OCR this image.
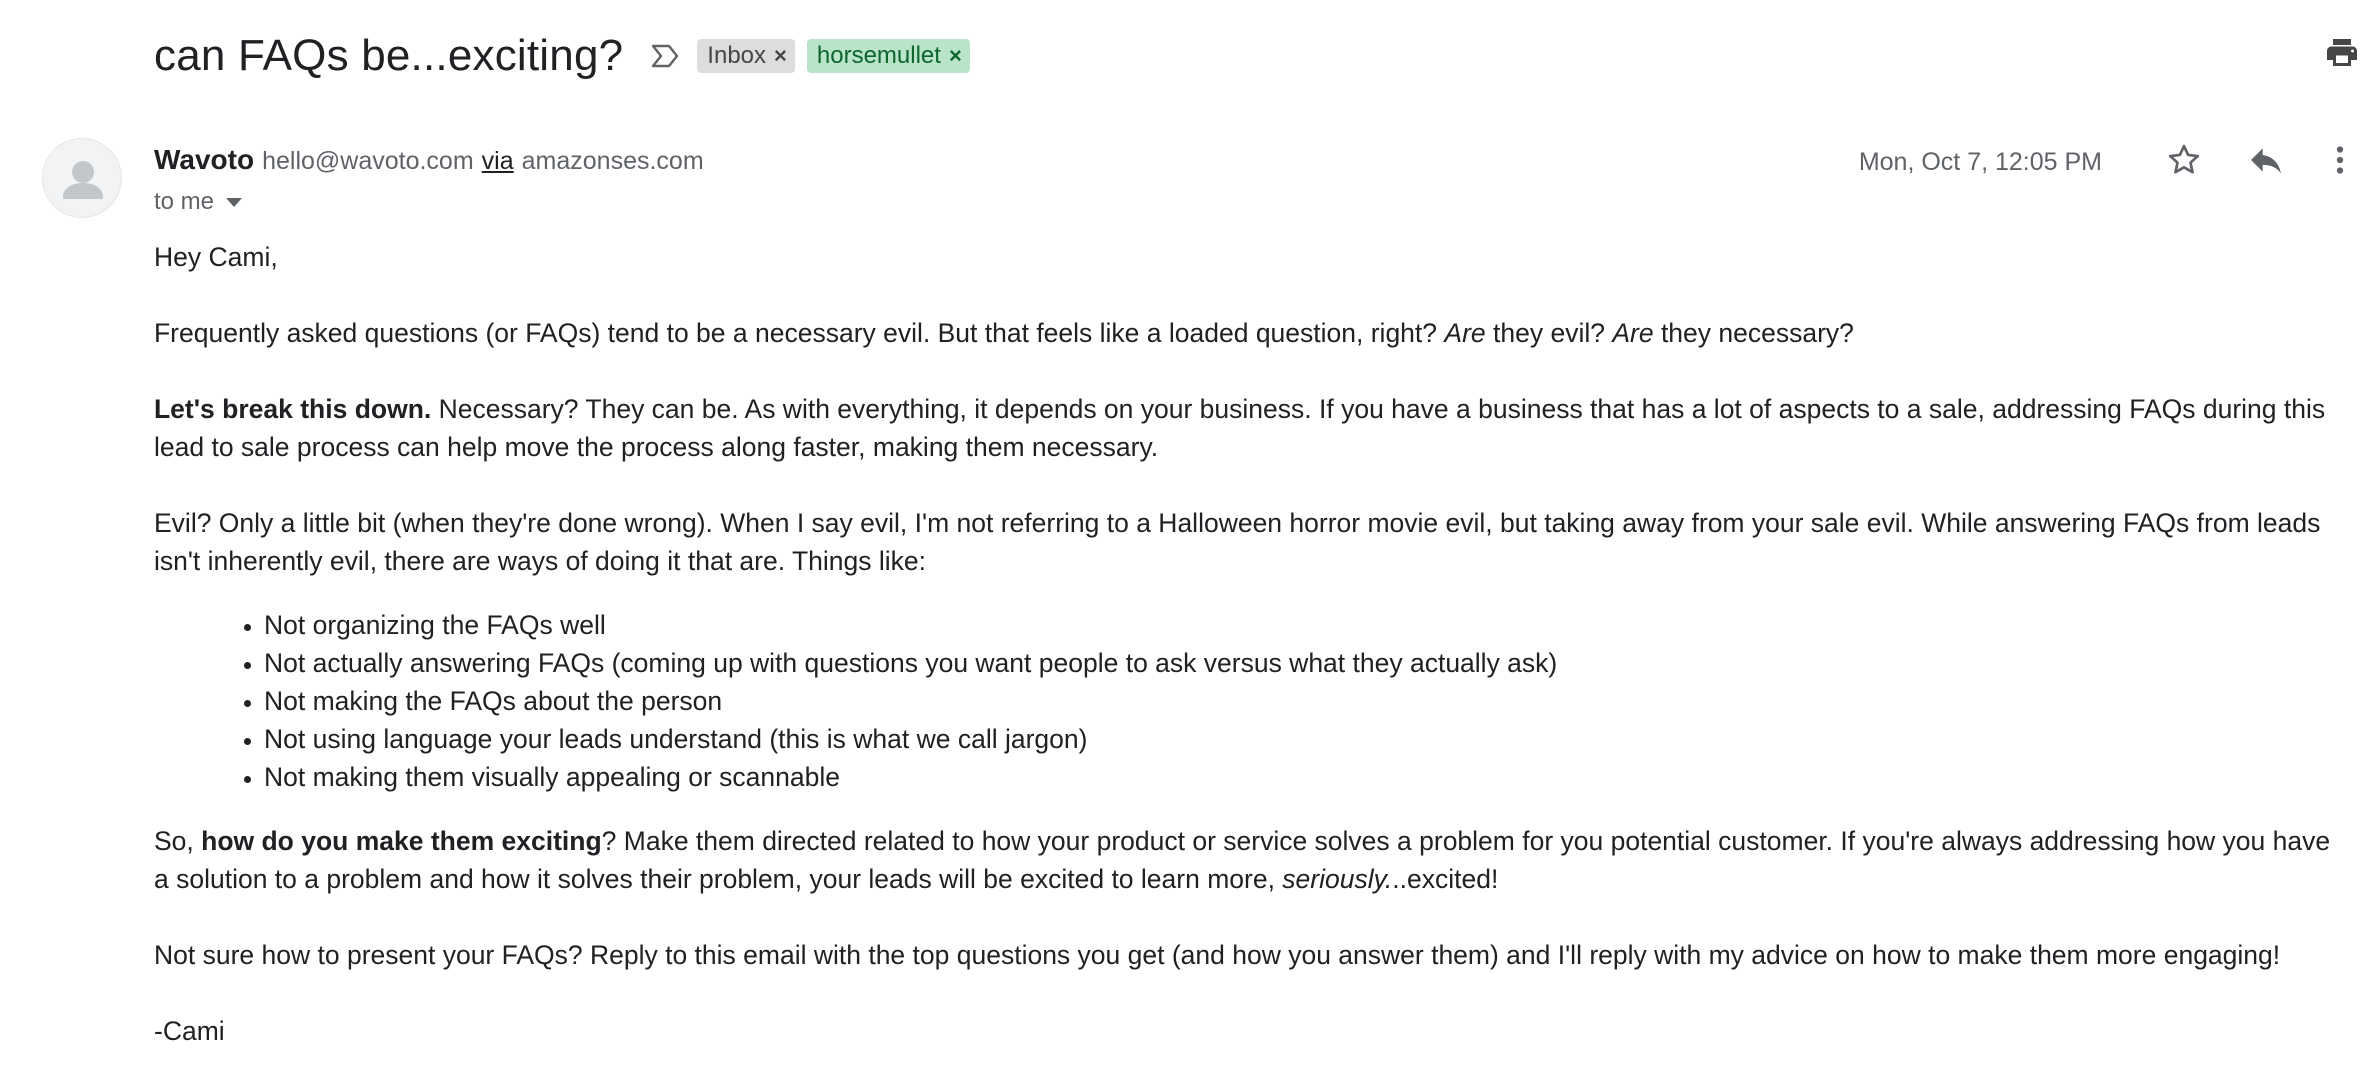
can FAQs be...exciting?	Inbox × horsemullet ×
Wavoto hello@wavoto.com via amazonses.com
to me
Mon, Oct 7, 12:05 PM

Hey Cami,

Frequently asked questions (or FAQs) tend to be a necessary evil. But that feels like a loaded question, right? Are they evil? Are they necessary?

Let's break this down. Necessary? They can be. As with everything, it depends on your business. If you have a business that has a lot of aspects to a sale, addressing FAQs during this lead to sale process can help move the process along faster, making them necessary.

Evil? Only a little bit (when they're done wrong). When I say evil, I'm not referring to a Halloween horror movie evil, but taking away from your sale evil. While answering FAQs from leads isn't inherently evil, there are ways of doing it that are. Things like:

• Not organizing the FAQs well
• Not actually answering FAQs (coming up with questions you want people to ask versus what they actually ask)
• Not making the FAQs about the person
• Not using language your leads understand (this is what we call jargon)
• Not making them visually appealing or scannable

So, how do you make them exciting? Make them directed related to how your product or service solves a problem for you potential customer. If you're always addressing how you have a solution to a problem and how it solves their problem, your leads will be excited to learn more, seriously...excited!

Not sure how to present your FAQs? Reply to this email with the top questions you get (and how you answer them) and I'll reply with my advice on how to make them more engaging!

-Cami
